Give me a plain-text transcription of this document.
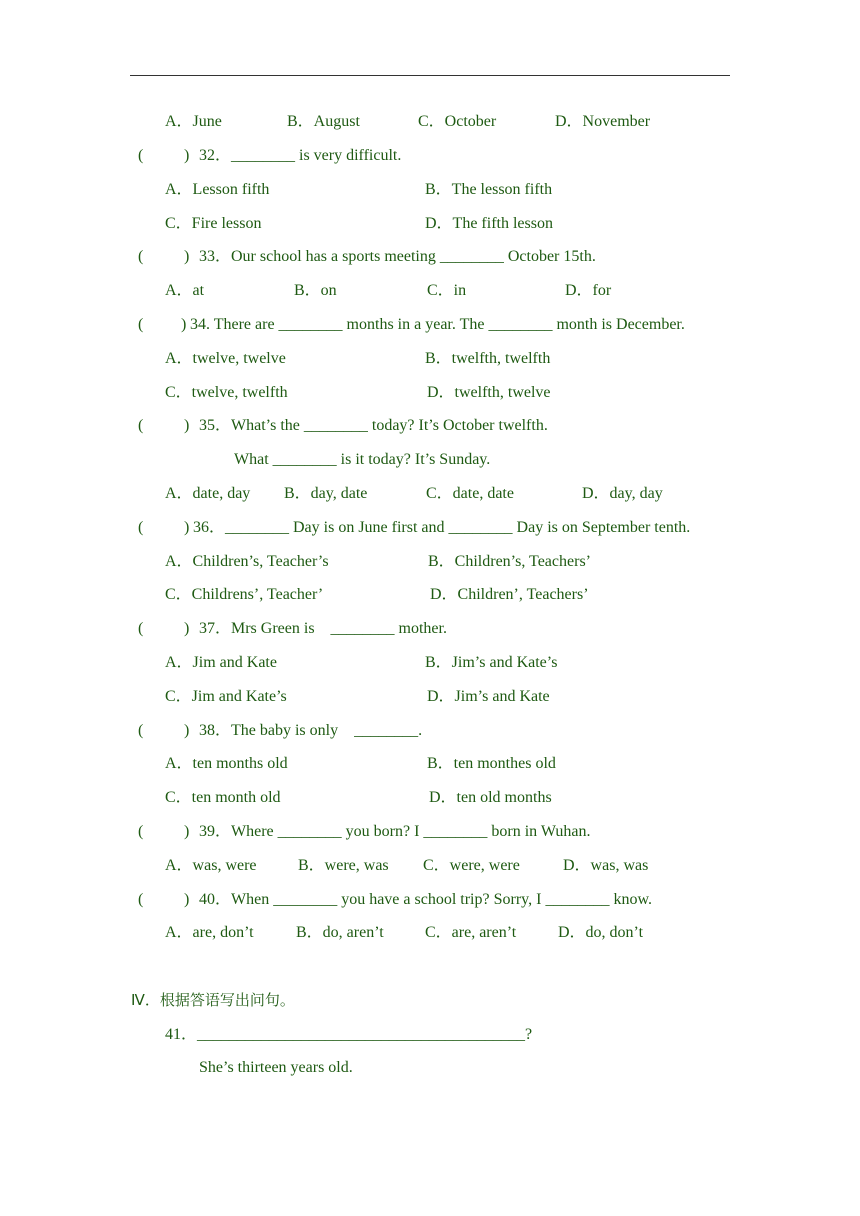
A．June	B．August	C．October	D．November
(	) 32．________ is very difficult.
A．Lesson fifth	B．The lesson fifth
C．Fire lesson	D．The fifth lesson
(	) 33．Our school has a sports meeting ________ October 15th.
A．at	B．on	C．in	D．for
( ) 34. There are ________ months in a year. The ________ month is December.
A．twelve, twelve	B．twelfth, twelfth
C．twelve, twelfth	D．twelfth, twelve
(	) 35．What’s the ________ today? It’s October twelfth.
What ________ is it today? It’s Sunday.
A．date, day B．day, date	C．date, date	D．day, day
(	) 36．________ Day is on June first and ________ Day is on September tenth.
A．Children’s, Teacher’s	B．Children’s, Teachers’
C．Childrens’, Teacher’	D．Children’, Teachers’
(	) 37．Mrs Green is    ________ mother.
A．Jim and Kate	B．Jim’s and Kate’s
C．Jim and Kate’s	D．Jim’s and Kate
(	) 38．The baby is only    ________.
A．ten months old	B．ten monthes old
C．ten month old	D．ten old months
(	) 39．Where ________ you born? I ________ born in Wuhan.
A．was, were	B．were, was C．were, were	D．was, was
(	) 40．When ________ you have a school trip? Sorry, I ________ know.
A．are, don’t	B．do, aren’t	C．are, aren’t	D．do, don’t
Ⅳ．根据答语写出问句。
41．_________________________________________?
She’s thirteen years old.
